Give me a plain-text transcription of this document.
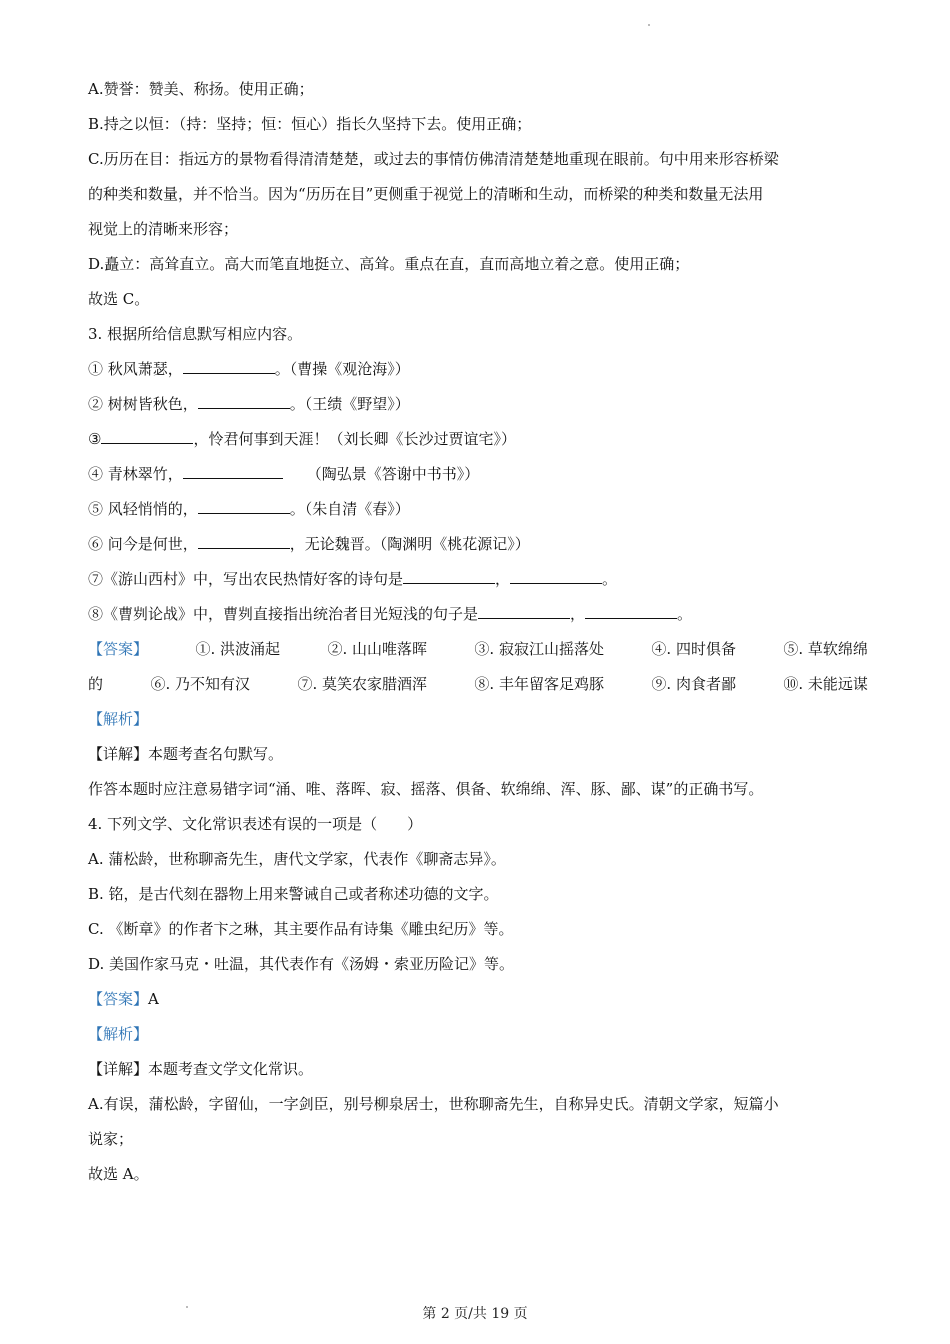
A.赞誉：赞美、称扬。使用正确；
B.持之以恒：（持：坚持；恒：恒心）指长久坚持下去。使用正确；
C.历历在目：指远方的景物看得清清楚楚，或过去的事情仿佛清清楚楚地重现在眼前。句中用来形容桥梁
的种类和数量，并不恰当。因为“历历在目”更侧重于视觉上的清晰和生动，而桥梁的种类和数量无法用
视觉上的清晰来形容；
D.矗立：高耸直立。高大而笔直地挺立、高耸。重点在直，直而高地立着之意。使用正确；
故选 C。
3. 根据所给信息默写相应内容。
① 秋风萧瑟，	。（曹操《观沧海》）
② 树树皆秋色，	。（王绩《野望》）
③	，怜君何事到天涯！（刘长卿《长沙过贾谊宅》）
④ 青林翠竹，	（陶弘景《答谢中书书》）
⑤ 风轻悄悄的，	。（朱自清《春》）
⑥ 问今是何世，	，无论魏晋。（陶渊明《桃花源记》）
⑦《游山西村》中，写出农民热情好客的诗句是	，	。
⑧《曹刿论战》中，曹刿直接指出统治者目光短浅的句子是	，	。
【答案】	①. 洪波涌起	②. 山山唯落晖	③. 寂寂江山摇落处	④. 四时俱备	⑤. 草软绵绵
的	⑥. 乃不知有汉	⑦. 莫笑农家腊酒浑	⑧. 丰年留客足鸡豚	⑨. 肉食者鄙	⑩. 未能远谋
【解析】
【详解】本题考查名句默写。
作答本题时应注意易错字词“涌、唯、落晖、寂、摇落、俱备、软绵绵、浑、豚、鄙、谋”的正确书写。
4. 下列文学、文化常识表述有误的一项是（　　）
A. 蒲松龄，世称聊斋先生，唐代文学家，代表作《聊斋志异》。
B. 铭，是古代刻在器物上用来警诫自己或者称述功德的文字。
C. 《断章》的作者卞之琳，其主要作品有诗集《雕虫纪历》等。
D. 美国作家马克・吐温，其代表作有《汤姆・索亚历险记》等。
【答案】A
【解析】
【详解】本题考查文学文化常识。
A.有误，蒲松龄，字留仙，一字剑臣，别号柳泉居士，世称聊斋先生，自称异史氏。清朝文学家，短篇小
说家；
故选 A。
第 2 页/共 19 页
